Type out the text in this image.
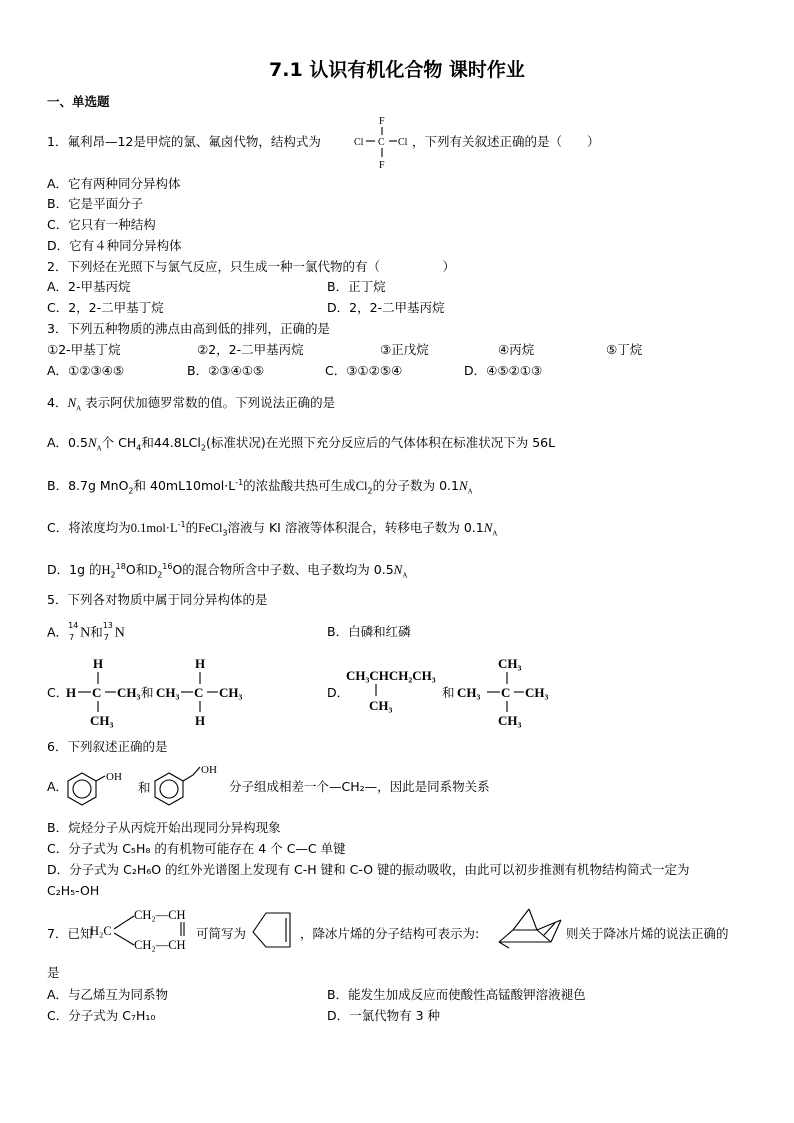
7.1 认识有机化合物 课时作业
一、单选题
1．氟利昂—12是甲烷的氯、氟卤代物，结构式为
F
Cl C Cl
F
，下列有关叙述正确的是（　　）
A．它有两种同分异构体
B．它是平面分子
C．它只有一种结构
D．它有４种同分异构体
2．下列烃在光照下与氯气反应，只生成一种一氯代物的有（　　　　　）
A．2-甲基丙烷	B．正丁烷
C．2，2-二甲基丁烷	D．2，2-二甲基丙烷
3．下列五种物质的沸点由高到低的排列，正确的是
①2-甲基丁烷	②2，2-二甲基丙烷	③正戊烷	④丙烷	⑤丁烷
A．①②③④⑤	B．②③④①⑤	C．③①②⑤④	D．④⑤②①③
4．$N_A$ 表示阿伏加德罗常数的值。下列说法正确的是
A．$0.5N_A$个 $CH_4$和44.8LCl$_2$(标准状况)在光照下充分反应后的气体体积在标准状况下为 56L
B．8.7g MnO$_2$和 $40mL10mol\cdot L^{-1}$的浓盐酸共热可生成$Cl_2$的分子数为 $0.1N_A$
C．将浓度均为$0.1mol\cdot L^{-1}$的FeCl$_3$溶液与 KI 溶液等体积混合，转移电子数为 $0.1N_A$
D．1g 的$H_2^{18}O$和$D_2^{16}O$的混合物所含中子数、电子数均为 $0.5N_A$
5．下列各对物质中属于同分异构体的是
A． 14
7 N和 13
7 N	B．白磷和红磷
C．
H
H C CH₃
CH₃
和
H
CH₃ C CH₃
H
D．
CH₃CHCH₂CH₃
CH₃
和
CH₃
CH₃ C CH₃
CH₃
6．下列叙述正确的是
A．
OH
和
OH
分子组成相差一个—CH₂—，因此是同系物关系
B．烷烃分子从丙烷开始出现同分异构现象
C．分子式为 C₅H₈ 的有机物可能存在 4 个 C—C 单键
D．分子式为 C₂H₆O 的红外光谱图上发现有 C-H 键和 C-O 键的振动吸收，由此可以初步推测有机物结构简式一定为
C₂H₅-OH
7．已知
CH₂—CH
H₂C
CH₂—CH
可简写为	，降冰片烯的分子结构可表示为:	则关于降冰片烯的说法正确的
是
A．与乙烯互为同系物	B．能发生加成反应而使酸性高锰酸钾溶液褪色
C．分子式为 C₇H₁₀	D．一氯代物有 3 种
